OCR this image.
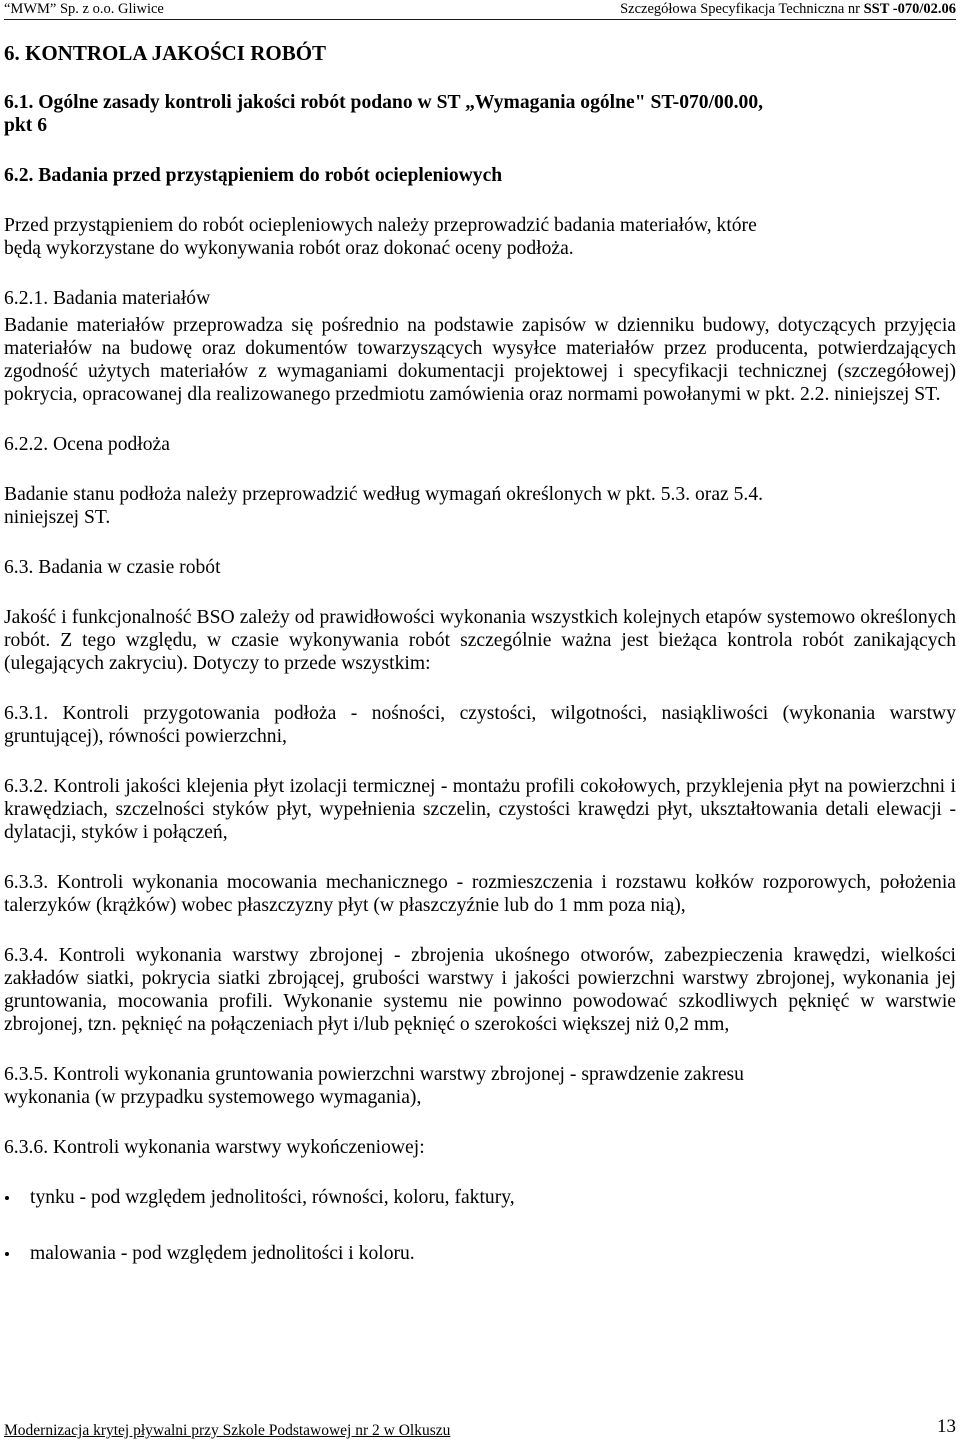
“MWM” Sp. z o.o. Gliwice	Szczegółowa Specyfikacja Techniczna nr SST -070/02.06

6. KONTROLA JAKOŚCI ROBÓT

6.1. Ogólne zasady kontroli jakości robót podano w ST „Wymagania ogólne" ST-070/00.00,

pkt 6

6.2. Badania przed przystąpieniem do robót ociepleniowych

Przed przystąpieniem do robót ociepleniowych należy przeprowadzić badania materiałów, które

będą wykorzystane do wykonywania robót oraz dokonać oceny podłoża.

6.2.1. Badania materiałów

Badanie materiałów przeprowadza się pośrednio na podstawie zapisów w dzienniku budowy, dotyczących przyjęcia materiałów na budowę oraz dokumentów towarzyszących wysyłce materiałów przez producenta, potwierdzających zgodność użytych materiałów z wymaganiami dokumentacji projektowej i specyfikacji technicznej (szczegółowej) pokrycia, opracowanej dla realizowanego przedmiotu zamówienia oraz normami powołanymi w pkt. 2.2. niniejszej ST.

6.2.2. Ocena podłoża

Badanie stanu podłoża należy przeprowadzić według wymagań określonych w pkt. 5.3. oraz 5.4.

niniejszej ST.

6.3. Badania w czasie robót

Jakość i funkcjonalność BSO zależy od prawidłowości wykonania wszystkich kolejnych etapów systemowo określonych robót. Z tego względu, w czasie wykonywania robót szczególnie ważna jest bieżąca kontrola robót zanikających (ulegających zakryciu). Dotyczy to przede wszystkim:

6.3.1. Kontroli przygotowania podłoża - nośności, czystości, wilgotności, nasiąkliwości (wykonania warstwy gruntującej), równości powierzchni,

6.3.2. Kontroli jakości klejenia płyt izolacji termicznej - montażu profili cokołowych, przyklejenia płyt na powierzchni i krawędziach, szczelności styków płyt, wypełnienia szczelin, czystości krawędzi płyt, ukształtowania detali elewacji - dylatacji, styków i połączeń,

6.3.3. Kontroli wykonania mocowania mechanicznego - rozmieszczenia i rozstawu kołków rozporowych, położenia talerzyków (krążków) wobec płaszczyzny płyt (w płaszczyźnie lub do 1 mm poza nią),

6.3.4. Kontroli wykonania warstwy zbrojonej - zbrojenia ukośnego otworów, zabezpieczenia krawędzi, wielkości zakładów siatki, pokrycia siatki zbrojącej, grubości warstwy i jakości powierzchni warstwy zbrojonej, wykonania jej gruntowania, mocowania profili. Wykonanie systemu nie powinno powodować szkodliwych pęknięć w warstwie zbrojonej, tzn. pęknięć na połączeniach płyt i/lub pęknięć o szerokości większej niż 0,2 mm,

6.3.5. Kontroli wykonania gruntowania powierzchni warstwy zbrojonej - sprawdzenie zakresu

wykonania (w przypadku systemowego wymagania),

6.3.6. Kontroli wykonania warstwy wykończeniowej:

tynku - pod względem jednolitości, równości, koloru, faktury,
malowania - pod względem jednolitości i koloru.
Modernizacja krytej pływalni przy Szkole Podstawowej nr 2 w Olkuszu	13
